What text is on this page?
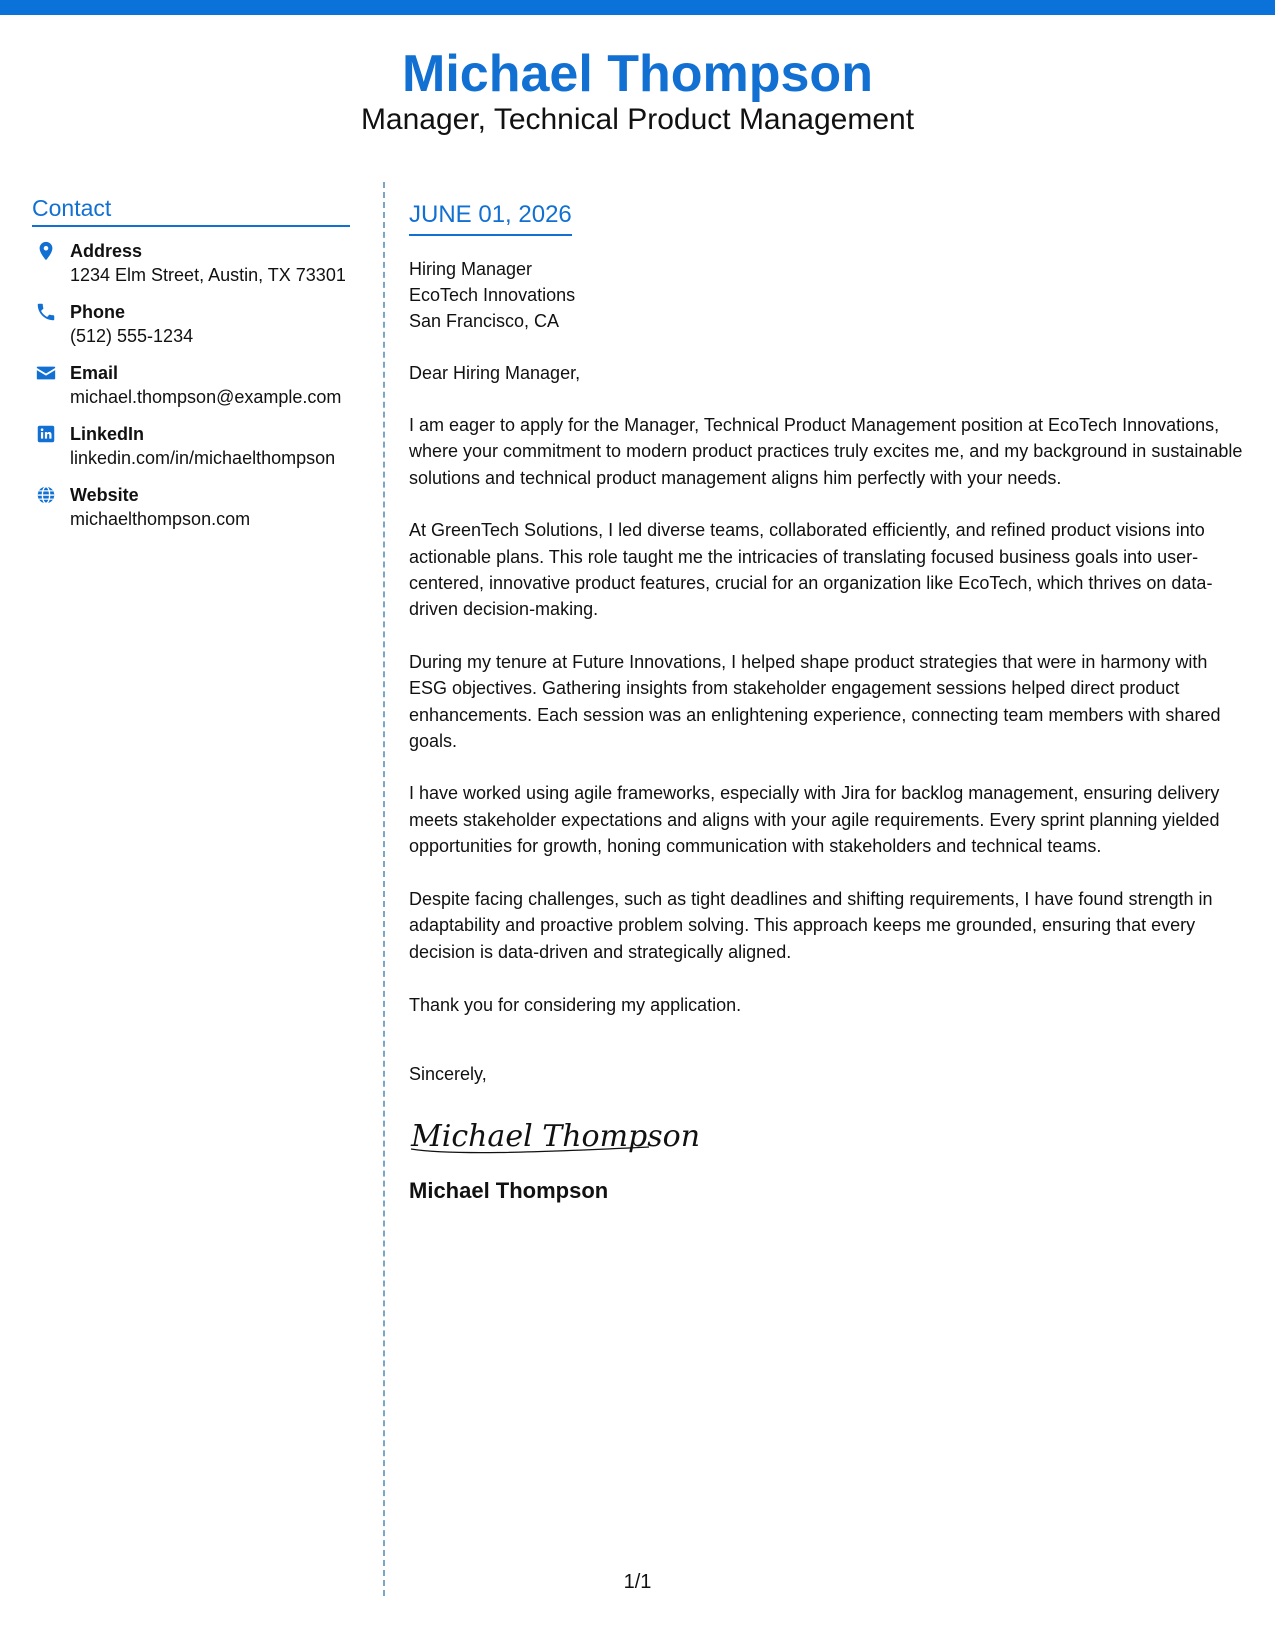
Michael Thompson
Manager, Technical Product Management
Contact
Address
1234 Elm Street, Austin, TX 73301
Phone
(512) 555-1234
Email
michael.thompson@example.com
LinkedIn
linkedin.com/in/michaelthompson
Website
michaelthompson.com
JUNE 01, 2026
Hiring Manager
EcoTech Innovations
San Francisco, CA
Dear Hiring Manager,
I am eager to apply for the Manager, Technical Product Management position at EcoTech Innovations, where your commitment to modern product practices truly excites me, and my background in sustainable solutions and technical product management aligns him perfectly with your needs.
At GreenTech Solutions, I led diverse teams, collaborated efficiently, and refined product visions into actionable plans. This role taught me the intricacies of translating focused business goals into user-centered, innovative product features, crucial for an organization like EcoTech, which thrives on data-driven decision-making.
During my tenure at Future Innovations, I helped shape product strategies that were in harmony with ESG objectives. Gathering insights from stakeholder engagement sessions helped direct product enhancements. Each session was an enlightening experience, connecting team members with shared goals.
I have worked using agile frameworks, especially with Jira for backlog management, ensuring delivery meets stakeholder expectations and aligns with your agile requirements. Every sprint planning yielded opportunities for growth, honing communication with stakeholders and technical teams.
Despite facing challenges, such as tight deadlines and shifting requirements, I have found strength in adaptability and proactive problem solving. This approach keeps me grounded, ensuring that every decision is data-driven and strategically aligned.
Thank you for considering my application.
Sincerely,
Michael Thompson
Michael Thompson
1/1
